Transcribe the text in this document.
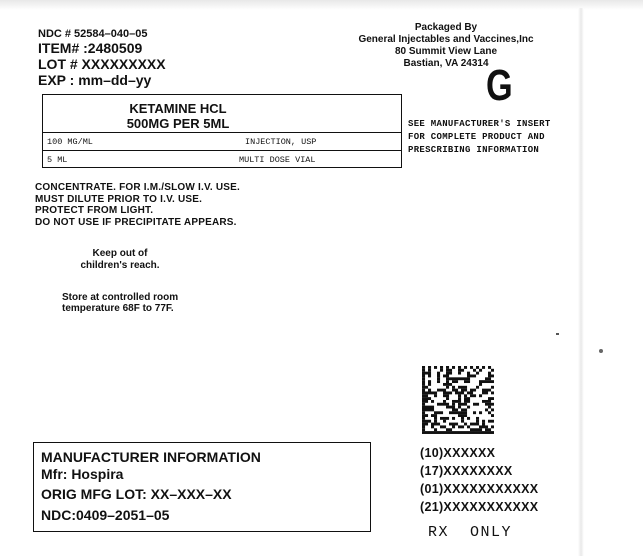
NDC # 52584–040–05
ITEM# :2480509
LOT # XXXXXXXXX
EXP : mm–dd–yy
Packaged By
General Injectables and Vaccines,Inc
80 Summit View Lane
Bastian, VA 24314
G
KETAMINE HCL
500MG PER 5ML
100 MG/ML	INJECTION, USP
5 ML	MULTI DOSE VIAL
SEE MANUFACTURER'S INSERT
FOR COMPLETE PRODUCT AND
PRESCRIBING INFORMATION
CONCENTRATE. FOR I.M./SLOW I.V. USE.
MUST DILUTE PRIOR TO I.V. USE.
PROTECT FROM LIGHT.
DO NOT USE IF PRECIPITATE APPEARS.
Keep out of
children's reach.
Store at controlled room
temperature 68F to 77F.
(10)XXXXXX
(17)XXXXXXXX
(01)XXXXXXXXXXX
(21)XXXXXXXXXXX
RX  ONLY
MANUFACTURER INFORMATION
Mfr: Hospira
ORIG MFG LOT: XX–XXX–XX
NDC:0409–2051–05
